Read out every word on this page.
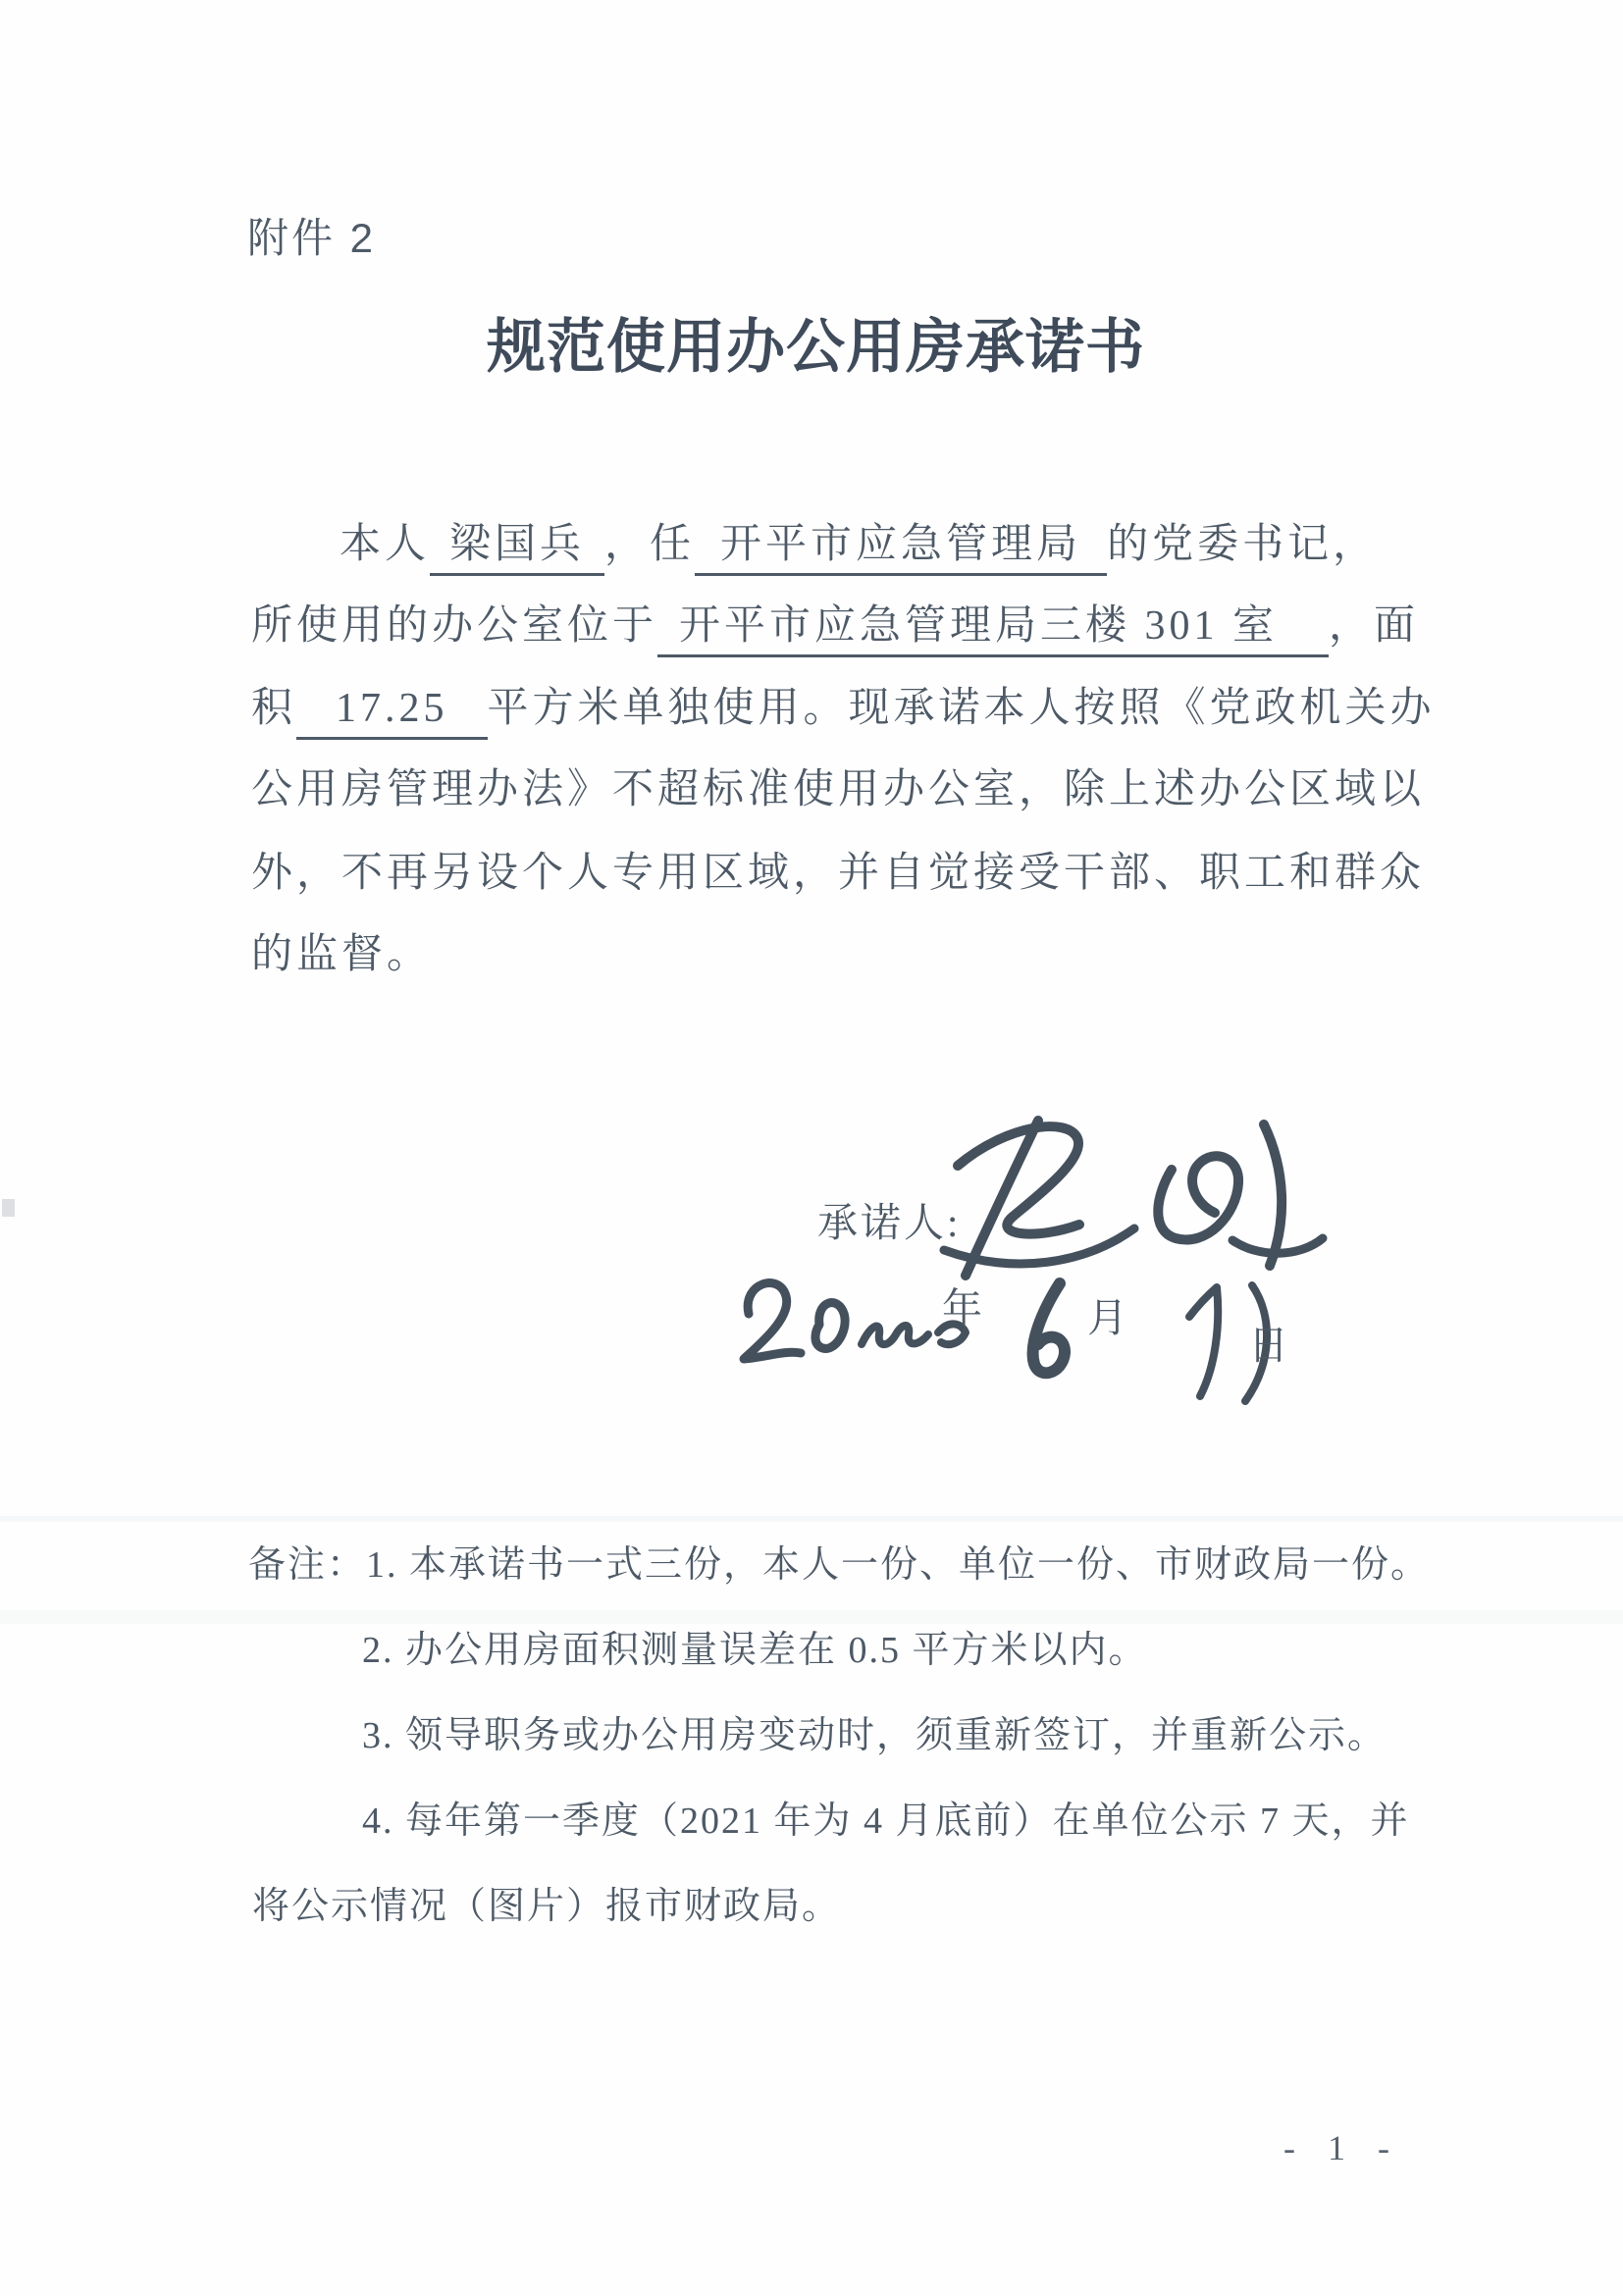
附件 2
规范使用办公用房承诺书
本人 梁国兵 ，任 开平市应急管理局 的党委书记，
所使用的办公室位于 开平市应急管理局三楼 301 室 ，面
积 17.25 平方米单独使用。现承诺本人按照《党政机关办
公用房管理办法》不超标准使用办公室，除上述办公区域以
外，不再另设个人专用区域，并自觉接受干部、职工和群众
的监督。
承诺人:
年	月
日
备注：1. 本承诺书一式三份，本人一份、单位一份、市财政局一份。
2. 办公用房面积测量误差在 0.5 平方米以内。
3. 领导职务或办公用房变动时，须重新签订，并重新公示。
4. 每年第一季度（2021 年为 4 月底前）在单位公示 7 天，并
将公示情况（图片）报市财政局。
- 1 -
